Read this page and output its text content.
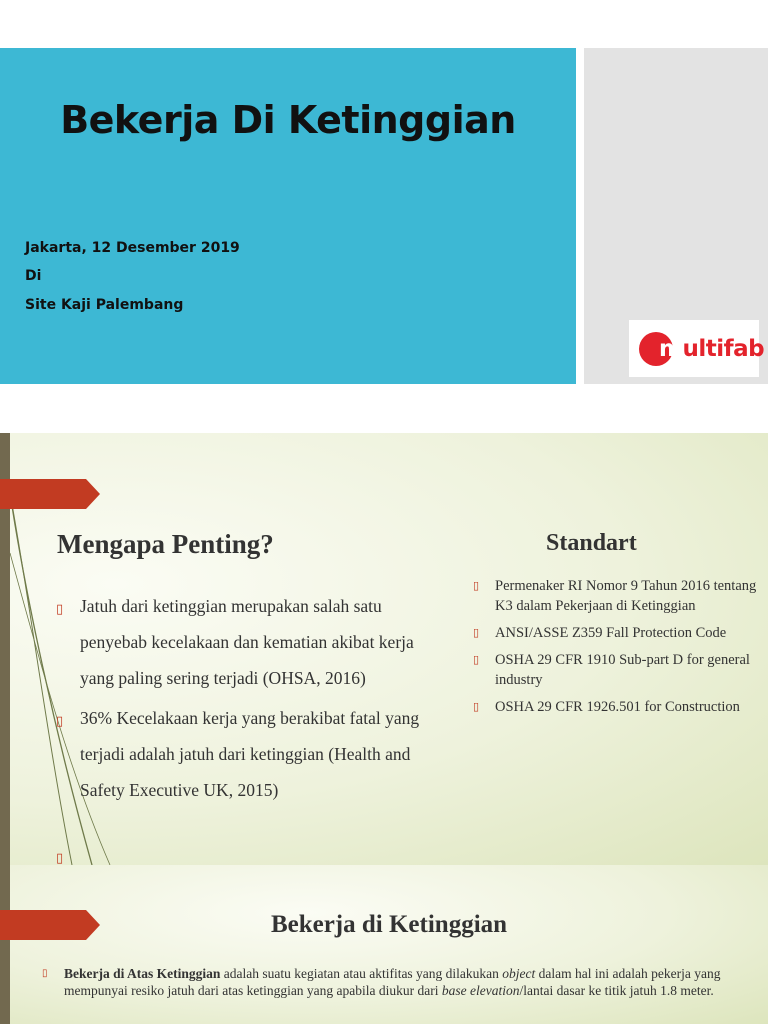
Bekerja Di Ketinggian
Jakarta, 12 Desember 2019
Di
Site Kaji Palembang
multifab
Mengapa Penting?	Standart
▯ Jatuh dari ketinggian merupakan salah satu penyebab kecelakaan dan kematian akibat kerja yang paling sering terjadi (OHSA, 2016)
▯ 36% Kecelakaan kerja yang berakibat fatal yang terjadi adalah jatuh dari ketinggian (Health and Safety Executive UK, 2015)
▯
▯ Permenaker RI Nomor 9 Tahun 2016 tentang K3 dalam Pekerjaan di Ketinggian
▯ ANSI/ASSE Z359 Fall Protection Code
▯ OSHA 29 CFR 1910 Sub-part D for general industry
▯ OSHA 29 CFR 1926.501 for Construction
Bekerja di Ketinggian
▯ Bekerja di Atas Ketinggian adalah suatu kegiatan atau aktifitas yang dilakukan object dalam hal ini adalah pekerja yang mempunyai resiko jatuh dari atas ketinggian yang apabila diukur dari base elevation/lantai dasar ke titik jatuh 1.8 meter.
